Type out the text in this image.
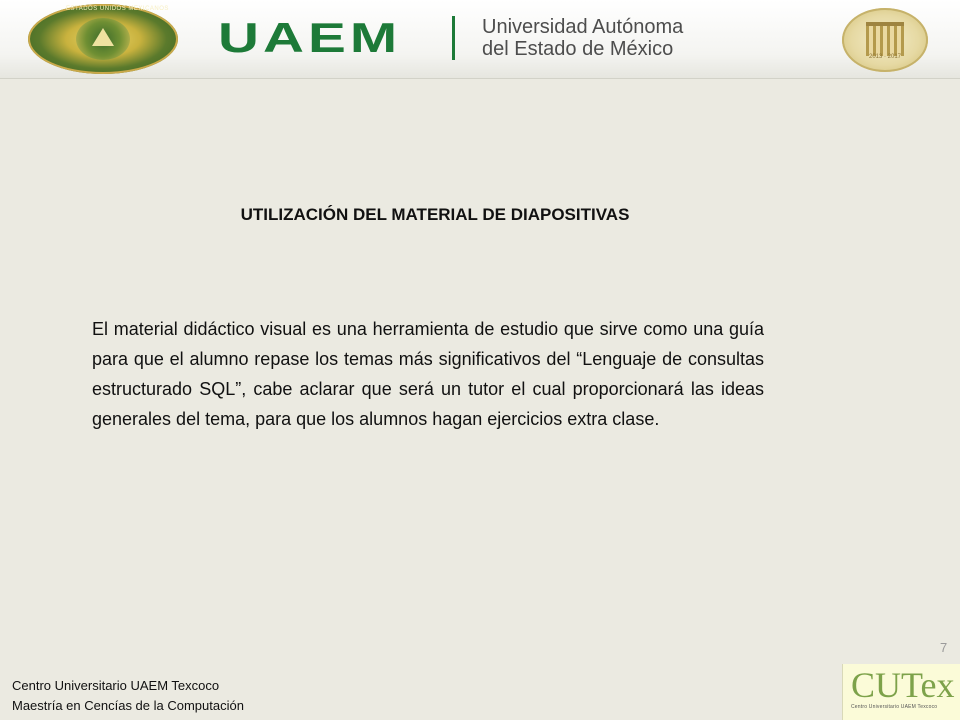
ESTADOS UNIDOS MEXICANOS
UAEM	Universidad Autónoma
del Estado de México	2013 · 2017
UTILIZACIÓN DEL MATERIAL DE DIAPOSITIVAS
El material didáctico visual es una herramienta de estudio que sirve como una guía para que el alumno repase los temas más significativos del “Lenguaje de consultas estructurado SQL”, cabe aclarar que será un tutor el cual proporcionará las ideas generales del tema, para que los alumnos hagan ejercicios extra clase.
7
Centro Universitario UAEM Texcoco
Maestría en Cencías de la Computación
CUTex
Centro Universitario UAEM Texcoco
